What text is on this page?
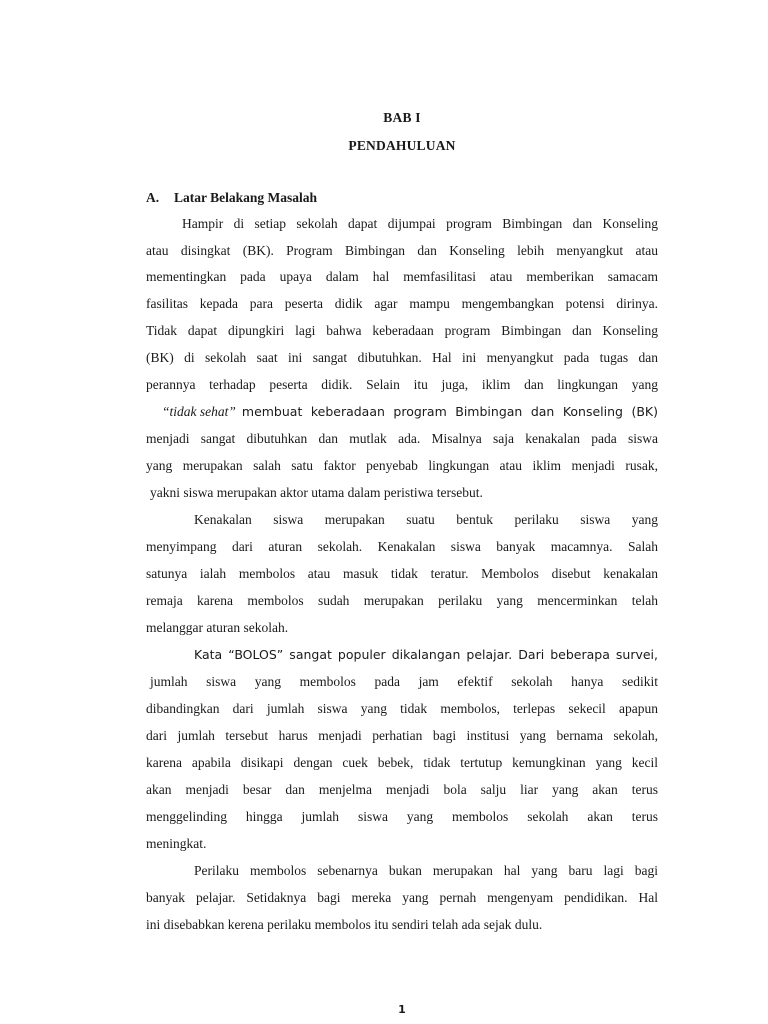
BAB I
PENDAHULUAN
A. Latar Belakang Masalah
Hampir di setiap sekolah dapat dijumpai program Bimbingan dan Konseling
atau disingkat (BK). Program Bimbingan dan Konseling lebih menyangkut atau
mementingkan pada upaya dalam hal memfasilitasi atau memberikan samacam
fasilitas kepada para peserta didik agar mampu mengembangkan potensi dirinya.
Tidak dapat dipungkiri lagi bahwa keberadaan program Bimbingan dan Konseling
(BK) di sekolah saat ini sangat dibutuhkan. Hal ini menyangkut pada tugas dan
perannya terhadap peserta didik. Selain itu juga, iklim dan lingkungan yang
“tidak sehat” membuat keberadaan program Bimbingan dan Konseling (BK)
menjadi sangat dibutuhkan dan mutlak ada. Misalnya saja kenakalan pada siswa
yang merupakan salah satu faktor penyebab lingkungan atau iklim menjadi rusak,
yakni siswa merupakan aktor utama dalam peristiwa tersebut.
Kenakalan siswa merupakan suatu bentuk perilaku siswa yang
menyimpang dari aturan sekolah. Kenakalan siswa banyak macamnya. Salah
satunya ialah membolos atau masuk tidak teratur. Membolos disebut kenakalan
remaja karena membolos sudah merupakan perilaku yang mencerminkan telah
melanggar aturan sekolah.
Kata “BOLOS” sangat populer dikalangan pelajar. Dari beberapa survei,
jumlah siswa yang membolos pada jam efektif sekolah hanya sedikit
dibandingkan dari jumlah siswa yang tidak membolos, terlepas sekecil apapun
dari jumlah tersebut harus menjadi perhatian bagi institusi yang bernama sekolah,
karena apabila disikapi dengan cuek bebek, tidak tertutup kemungkinan yang kecil
akan menjadi besar dan menjelma menjadi bola salju liar yang akan terus
menggelinding hingga jumlah siswa yang membolos sekolah akan terus
meningkat.
Perilaku membolos sebenarnya bukan merupakan hal yang baru lagi bagi
banyak pelajar. Setidaknya bagi mereka yang pernah mengenyam pendidikan. Hal
ini disebabkan kerena perilaku membolos itu sendiri telah ada sejak dulu.
1
